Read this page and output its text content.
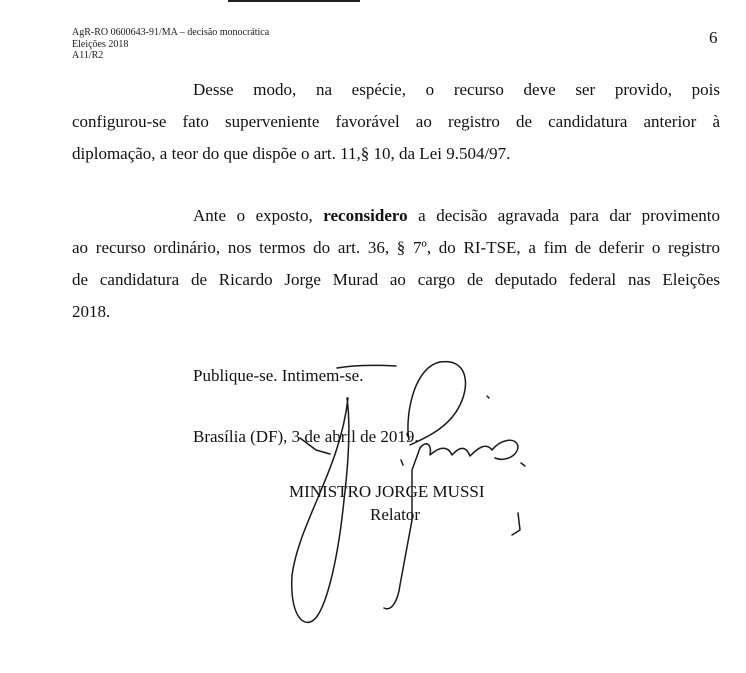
AgR-RO 0600643-91/MA – decisão monocrática
Eleições 2018
A11/R2
6

Desse modo, na espécie, o recurso deve ser provido, pois
configurou-se fato superveniente favorável ao registro de candidatura anterior à
diplomação, a teor do que dispõe o art. 11,§ 10, da Lei 9.504/97.

Ante o exposto, reconsidero a decisão agravada para dar provimento
ao recurso ordinário, nos termos do art. 36, § 7º, do RI-TSE, a fim de deferir o registro
de candidatura de Ricardo Jorge Murad ao cargo de deputado federal nas Eleições
2018.

Publique-se. Intimem-se.
Brasília (DF), 3 de abril de 2019.
MINISTRO JORGE MUSSI
Relator
